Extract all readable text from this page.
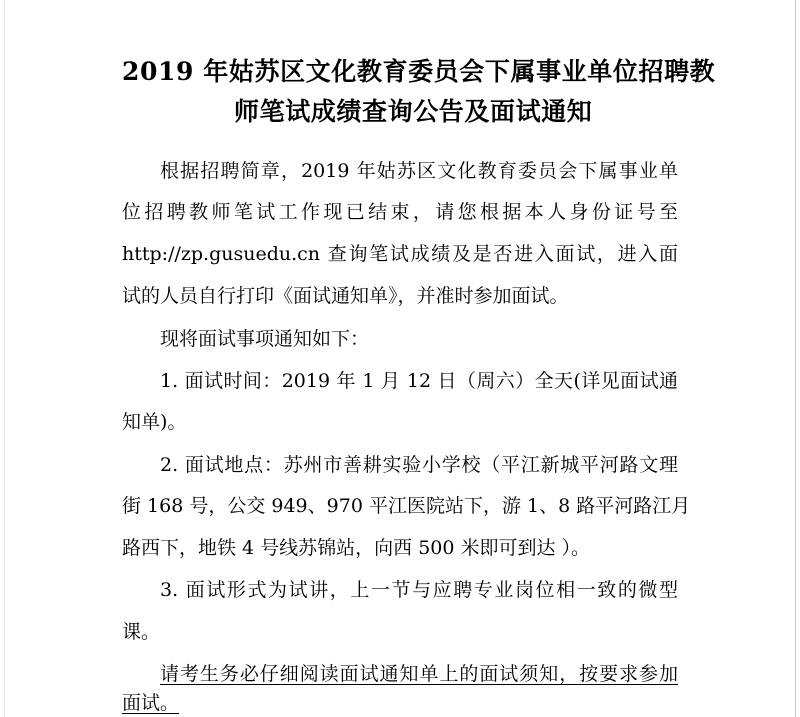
2019 年姑苏区文化教育委员会下属事业单位招聘教
师笔试成绩查询公告及面试通知
根据招聘简章，2019 年姑苏区文化教育委员会下属事业单
位招聘教师笔试工作现已结束，请您根据本人身份证号至
http://zp.gusuedu.cn 查询笔试成绩及是否进入面试，进入面
试的人员自行打印《面试通知单》，并准时参加面试。
现将面试事项通知如下：
1. 面试时间：2019 年 1 月 12 日（周六）全天(详见面试通
知单)。
2. 面试地点：苏州市善耕实验小学校（平江新城平河路文理
街 168 号，公交 949、970 平江医院站下，游 1、8 路平河路江月
路西下，地铁 4 号线苏锦站，向西 500 米即可到达 ）。
3. 面试形式为试讲，上一节与应聘专业岗位相一致的微型
课。
请考生务必仔细阅读面试通知单上的面试须知，按要求参加
面试。
